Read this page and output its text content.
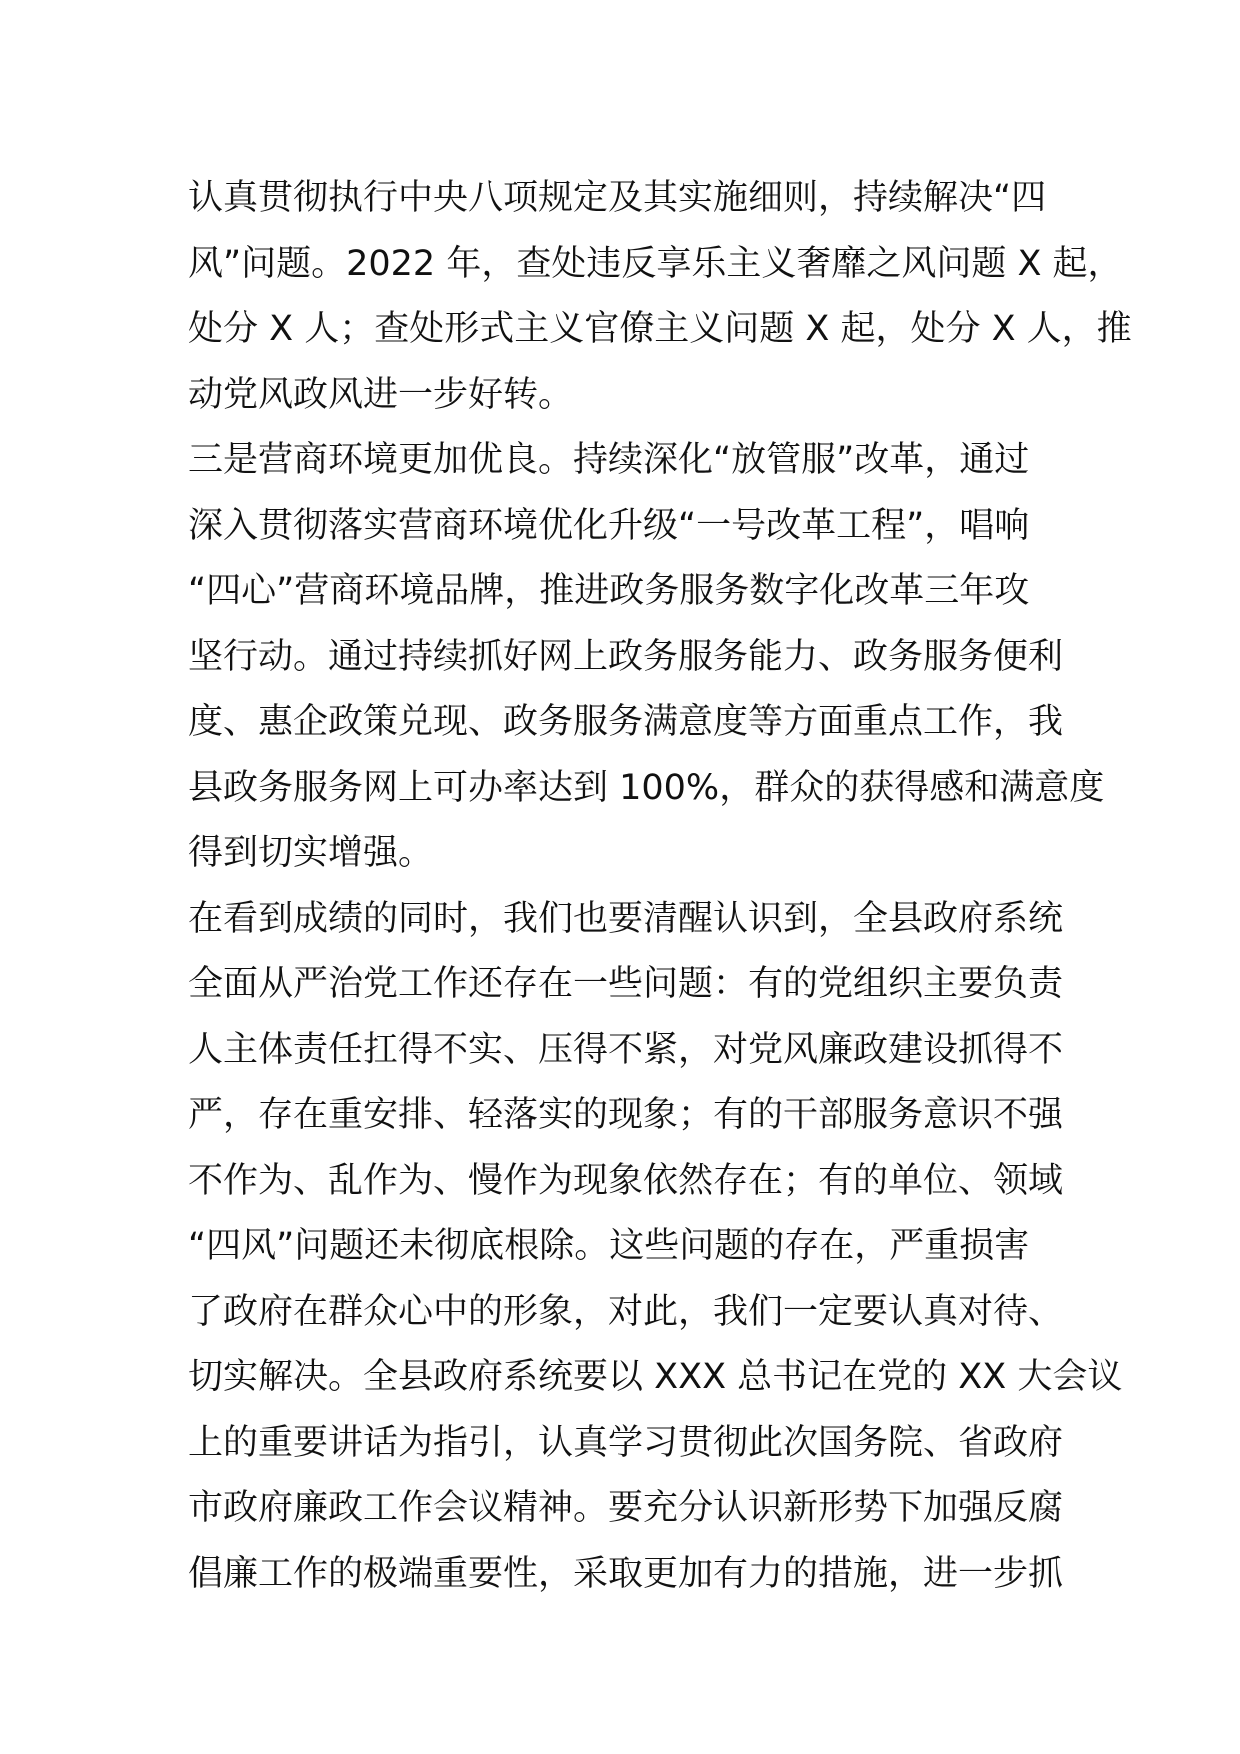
认真贯彻执行中央八项规定及其实施细则，持续解决“四
风”问题。2022 年，查处违反享乐主义奢靡之风问题 X 起，
处分 X 人；查处形式主义官僚主义问题 X 起，处分 X 人，推
动党风政风进一步好转。
三是营商环境更加优良。持续深化“放管服”改革，通过
深入贯彻落实营商环境优化升级“一号改革工程”，唱响
“四心”营商环境品牌，推进政务服务数字化改革三年攻
坚行动。通过持续抓好网上政务服务能力、政务服务便利
度、惠企政策兑现、政务服务满意度等方面重点工作，我
县政务服务网上可办率达到 100%，群众的获得感和满意度
得到切实增强。
在看到成绩的同时，我们也要清醒认识到，全县政府系统
全面从严治党工作还存在一些问题：有的党组织主要负责
人主体责任扛得不实、压得不紧，对党风廉政建设抓得不
严，存在重安排、轻落实的现象；有的干部服务意识不强
不作为、乱作为、慢作为现象依然存在；有的单位、领域
“四风”问题还未彻底根除。这些问题的存在，严重损害
了政府在群众心中的形象，对此，我们一定要认真对待、
切实解决。全县政府系统要以 XXX 总书记在党的 XX 大会议
上的重要讲话为指引，认真学习贯彻此次国务院、省政府
市政府廉政工作会议精神。要充分认识新形势下加强反腐
倡廉工作的极端重要性，采取更加有力的措施，进一步抓
